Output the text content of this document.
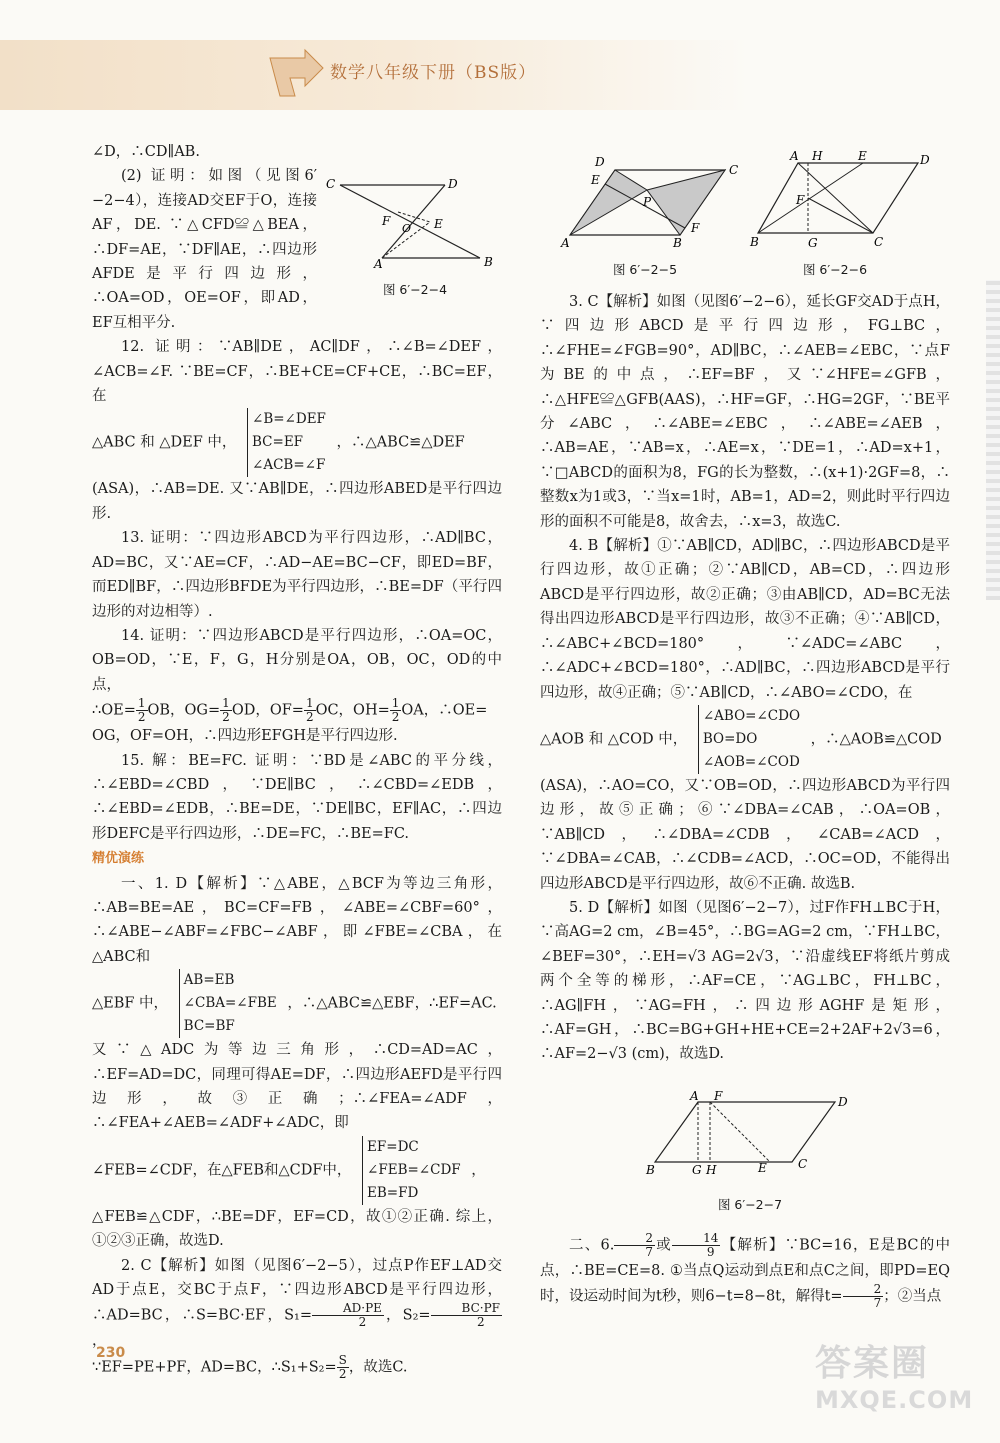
数学八年级下册（BS版）

∠D，∴CD∥AB.

(2) 证明：如图（见图6′−2−4），连接AD交EF于O，连接AF，DE. ∵△CFD≌△BEA，∴DF=AE，∵DF∥AE，∴四边形AFDE是平行四边形，∴OA=OD，OE=OF，即AD，EF互相平分.

12. 证明：∵AB∥DE，AC∥DF，∴∠B=∠DEF，∠ACB=∠F. ∵BE=CF，∴BE+CE=CF+CE，∴BC=EF，在

△ABC 和 △DEF 中，
∠B=∠DEF
BC=EF
∠ACB=∠F
，∴△ABC≌△DEF

(ASA)，∴AB=DE. 又∵AB∥DE，∴四边形ABED是平行四边形.

13. 证明：∵四边形ABCD为平行四边形，∴AD∥BC，AD=BC，又∵AE=CF，∴AD−AE=BC−CF，即ED=BF，而ED∥BF，∴四边形BFDE为平行四边形，∴BE=DF（平行四边形的对边相等）.

14. 证明：∵四边形ABCD是平行四边形，∴OA=OC，OB=OD，∵E，F，G，H分别是OA，OB，OC，OD的中点，

∴OE= $\frac{1}{2}$ OB，$OG= \frac{1}{2}$ OD，$OF= \frac{1}{2}$ OC，$OH= \frac{1}{2}$ OA，∴OE=

OG，OF=OH，∴四边形EFGH是平行四边形.

15. 解：BE=FC. 证明：∵BD是∠ABC的平分线，∴∠EBD=∠CBD，∵DE∥BC，∴∠CBD=∠EDB，∴∠EBD=∠EDB，∴BE=DE，∵DE∥BC，EF∥AC，∴四边形DEFC是平行四边形，∴DE=FC，∴BE=FC.

精优演练

一、1. D【解析】∵△ABE，△BCF为等边三角形，∴AB=BE=AE，BC=CF=FB，∠ABE=∠CBF=60°，∴∠ABE−∠ABF=∠FBC−∠ABF，即∠FBE=∠CBA，在△ABC和

△EBF 中，
AB=EB
∠CBA=∠FBE
BC=BF
，∴△ABC≌△EBF，∴EF=AC.

又∵△ADC为等边三角形，∴CD=AD=AC，∴EF=AD=DC，同理可得AE=DF，∴四边形AEFD是平行四边形，故③正确；∴∠FEA=∠ADF，∴∠FEA+∠AEB=∠ADF+∠ADC，即

∠FEB=∠CDF，在△FEB和△CDF中，
EF=DC
∠FEB=∠CDF
EB=FD
，

△FEB≌△CDF，∴BE=DF，EF=CD，故①②正确. 综上，①②③正确，故选D.

2. C【解析】如图（见图6′−2−5），过点P作EF⊥AD交AD于点E，交BC于点F，∵四边形ABCD是平行四边形，∴AD=BC，∴S=BC·EF，$S_1= \frac{AD\cdot PE}{2}$ ，$S_2= \frac{BC\cdot PF}{2}$
，

∵EF=PE+PF，AD=BC，∴S₁+S₂= $\frac{S}{2}$ ，故选C.

C	D
F
O E
A	B
图 6′−2−4
D
E
C
P
A	B
F
图 6′−2−5
A H	E	D
F
B	G	C
图 6′−2−6

3. C【解析】如图（见图6′−2−6），延长GF交AD于点H，∵四边形ABCD是平行四边形，FG⊥BC，∴∠FHE=∠FGB=90°，AD∥BC，∴∠AEB=∠EBC，∵点F为BE的中点，∴EF=BF，又∵∠HFE=∠GFB，∴△HFE≌△GFB(AAS)，∴HF=GF，∴HG=2GF，∵BE平分∠ABC，∴∠ABE=∠EBC，∴∠ABE=∠AEB，∴AB=AE，∵AB=x，∴AE=x，∵DE=1，∴AD=x+1，∵□ABCD的面积为8，FG的长为整数，∴(x+1)·2GF=8，∴整数x为1或3，∵当x=1时，AB=1，AD=2，则此时平行四边形的面积不可能是8，故舍去，∴x=3，故选C.

4. B【解析】①∵AB∥CD，AD∥BC，∴四边形ABCD是平行四边形，故①正确；②∵AB∥CD，AB=CD，∴四边形ABCD是平行四边形，故②正确；③由AB∥CD，AD=BC无法得出四边形ABCD是平行四边形，故③不正确；④∵AB∥CD，∴∠ABC+∠BCD=180°，∵∠ADC=∠ABC，∴∠ADC+∠BCD=180°，∴AD∥BC，∴四边形ABCD是平行四边形，故④正确；⑤∵AB∥CD，∴∠ABO=∠CDO，在

△AOB 和 △COD 中，
∠ABO=∠CDO
BO=DO
∠AOB=∠COD
，∴△AOB≌△COD

(ASA)，∴AO=CO，又∵OB=OD，∴四边形ABCD为平行四边形，故⑤正确；⑥∵∠DBA=∠CAB，∴OA=OB，∵AB∥CD，∴∠DBA=∠CDB，∠CAB=∠ACD，∵∠DBA=∠CAB，∴∠CDB=∠ACD，∴OC=OD，不能得出四边形ABCD是平行四边形，故⑥不正确. 故选B.

5. D【解析】如图（见图6′−2−7），过F作FH⊥BC于H，∵高AG=2 cm，∠B=45°，∴BG=AG=2 cm，∵FH⊥BC，∠BEF=30°，∴EH=√3 AG=2√3，∵沿虚线EF将纸片剪成两个全等的梯形，∴AF=CE，∵AG⊥BC，FH⊥BC，∴AG∥FH，∵AG=FH，∴四边形AGHF是矩形，∴AF=GH，∴BC=BG+GH+HE+CE=2+2AF+2√3=6，∴AF=2−√3 (cm)，故选D.

A F	D
B	G H	E	C
图 6′−2−7

二、6. $\frac{2}{7}$ 或 $\frac{14}{9}$ 【解析】∵BC=16，E是BC的中点，∴BE=CE=8. ①当点Q运动到点E和点C之间，即PD=EQ时，设运动时间为t秒，则6−t=8−8t，解得$t= \frac{2}{7}$ ；②当点

230	答案圈
MXQE.COM
